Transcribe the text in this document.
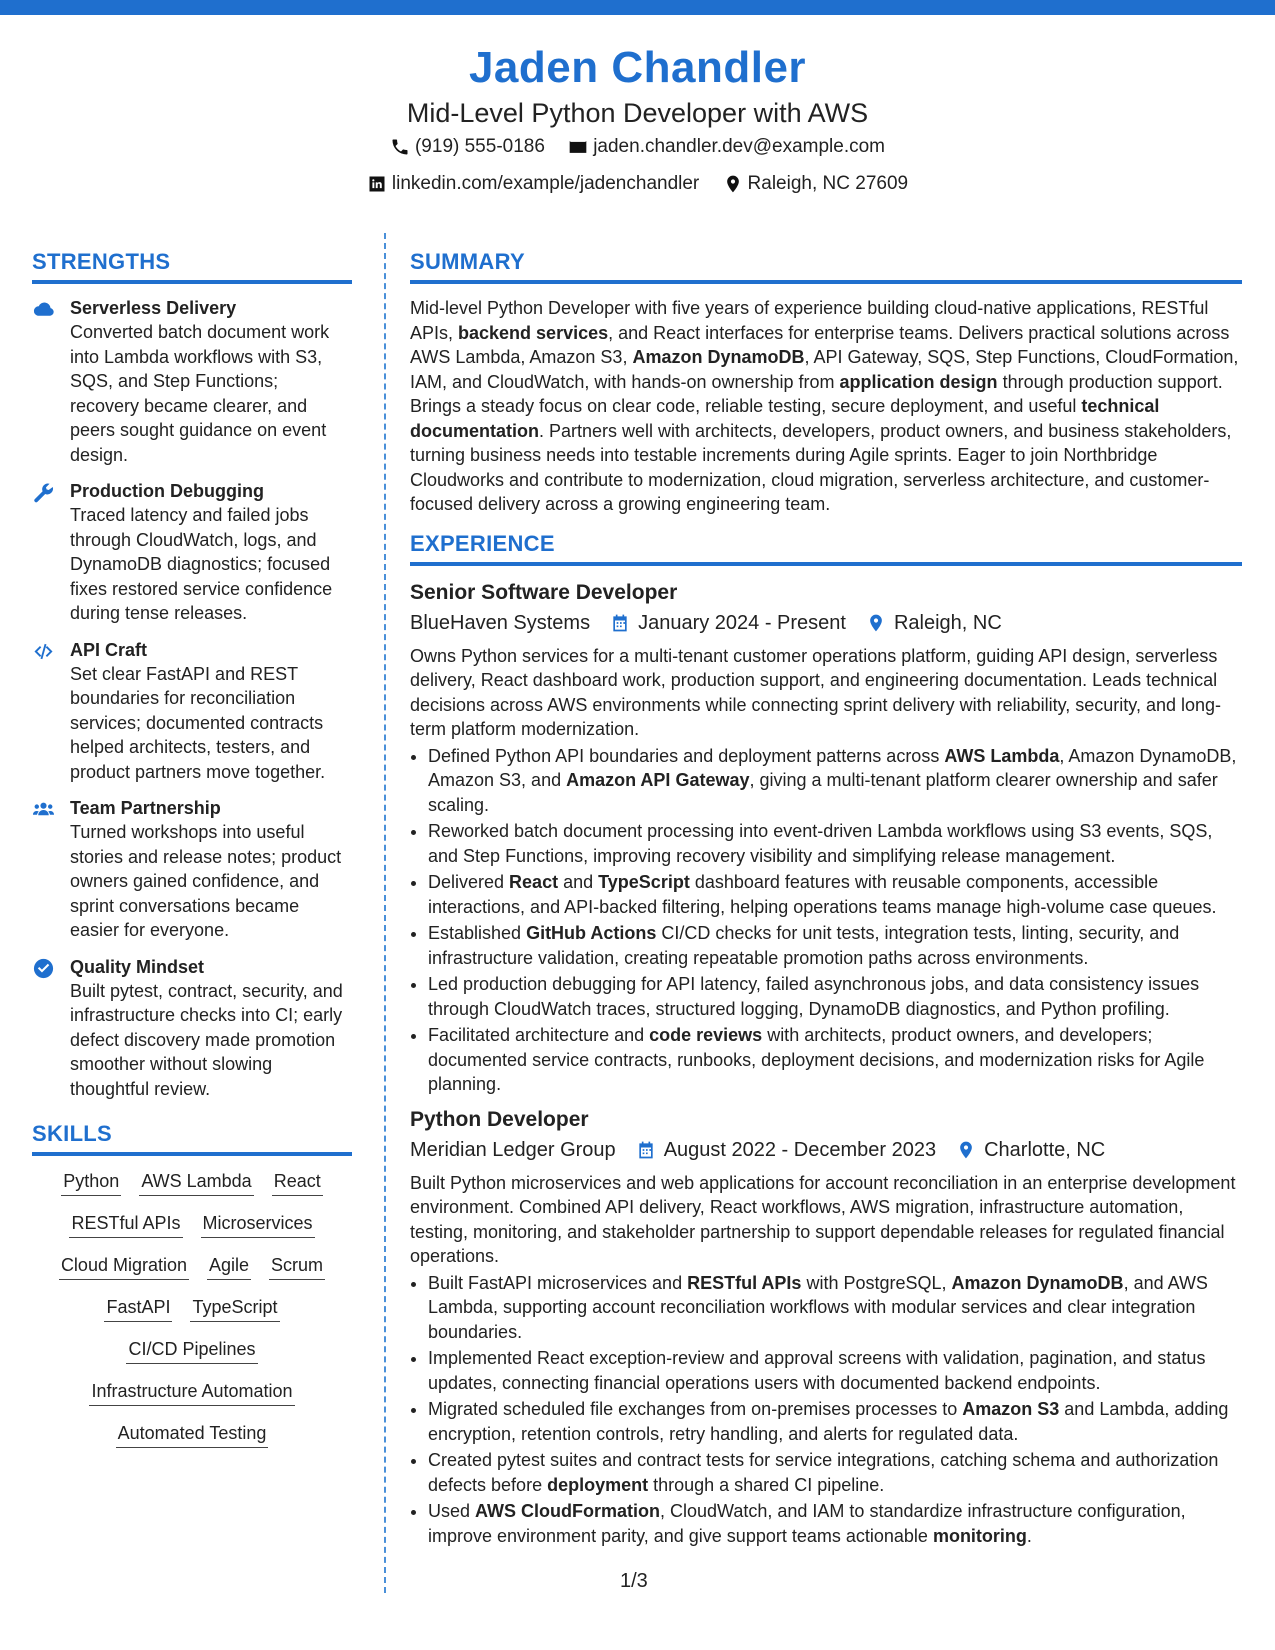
Jaden Chandler
Mid-Level Python Developer with AWS
(919) 555-0186
	jaden.chandler.dev@example.com
linkedin.com/example/jadenchandler
	Raleigh, NC 27609
STRENGTHS
Serverless Delivery
Converted batch document work into Lambda workflows with S3, SQS, and Step Functions; recovery became clearer, and peers sought guidance on event design.
Production Debugging
Traced latency and failed jobs through CloudWatch, logs, and DynamoDB diagnostics; focused fixes restored service confidence during tense releases.
API Craft
Set clear FastAPI and REST boundaries for reconciliation services; documented contracts helped architects, testers, and product partners move together.
Team Partnership
Turned workshops into useful stories and release notes; product owners gained confidence, and sprint conversations became easier for everyone.
Quality Mindset
Built pytest, contract, security, and infrastructure checks into CI; early defect discovery made promotion smoother without slowing thoughtful review.
SKILLS
Python AWS Lambda React
RESTful APIs Microservices
Cloud Migration Agile Scrum
FastAPI TypeScript
CI/CD Pipelines
Infrastructure Automation
Automated Testing
SUMMARY

Mid-level Python Developer with five years of experience building cloud-native applications, RESTful APIs, backend services, and React interfaces for enterprise teams. Delivers practical solutions across AWS Lambda, Amazon S3, Amazon DynamoDB, API Gateway, SQS, Step Functions, CloudFormation, IAM, and CloudWatch, with hands-on ownership from application design through production support. Brings a steady focus on clear code, reliable testing, secure deployment, and useful technical documentation. Partners well with architects, developers, product owners, and business stakeholders, turning business needs into testable increments during Agile sprints. Eager to join Northbridge Cloudworks and contribute to modernization, cloud migration, serverless architecture, and customer-focused delivery across a growing engineering team.

EXPERIENCE
Senior Software Developer
BlueHaven Systems January 2024 - Present Raleigh, NC
Owns Python services for a multi-tenant customer operations platform, guiding API design, serverless delivery, React dashboard work, production support, and engineering documentation. Leads technical decisions across AWS environments while connecting sprint delivery with reliability, security, and long-term platform modernization.
• Defined Python API boundaries and deployment patterns across AWS Lambda, Amazon DynamoDB, Amazon S3, and Amazon API Gateway, giving a multi-tenant platform clearer ownership and safer scaling.
• Reworked batch document processing into event-driven Lambda workflows using S3 events, SQS, and Step Functions, improving recovery visibility and simplifying release management.
• Delivered React and TypeScript dashboard features with reusable components, accessible interactions, and API-backed filtering, helping operations teams manage high-volume case queues.
• Established GitHub Actions CI/CD checks for unit tests, integration tests, linting, security, and infrastructure validation, creating repeatable promotion paths across environments.
• Led production debugging for API latency, failed asynchronous jobs, and data consistency issues through CloudWatch traces, structured logging, DynamoDB diagnostics, and Python profiling.
• Facilitated architecture and code reviews with architects, product owners, and developers; documented service contracts, runbooks, deployment decisions, and modernization risks for Agile planning.
Python Developer
Meridian Ledger Group August 2022 - December 2023 Charlotte, NC
Built Python microservices and web applications for account reconciliation in an enterprise development environment. Combined API delivery, React workflows, AWS migration, infrastructure automation, testing, monitoring, and stakeholder partnership to support dependable releases for regulated financial operations.
• Built FastAPI microservices and RESTful APIs with PostgreSQL, Amazon DynamoDB, and AWS Lambda, supporting account reconciliation workflows with modular services and clear integration boundaries.
• Implemented React exception-review and approval screens with validation, pagination, and status updates, connecting financial operations users with documented backend endpoints.
• Migrated scheduled file exchanges from on-premises processes to Amazon S3 and Lambda, adding encryption, retention controls, retry handling, and alerts for regulated data.
• Created pytest suites and contract tests for service integrations, catching schema and authorization defects before deployment through a shared CI pipeline.
• Used AWS CloudFormation, CloudWatch, and IAM to standardize infrastructure configuration, improve environment parity, and give support teams actionable monitoring.
1/3
